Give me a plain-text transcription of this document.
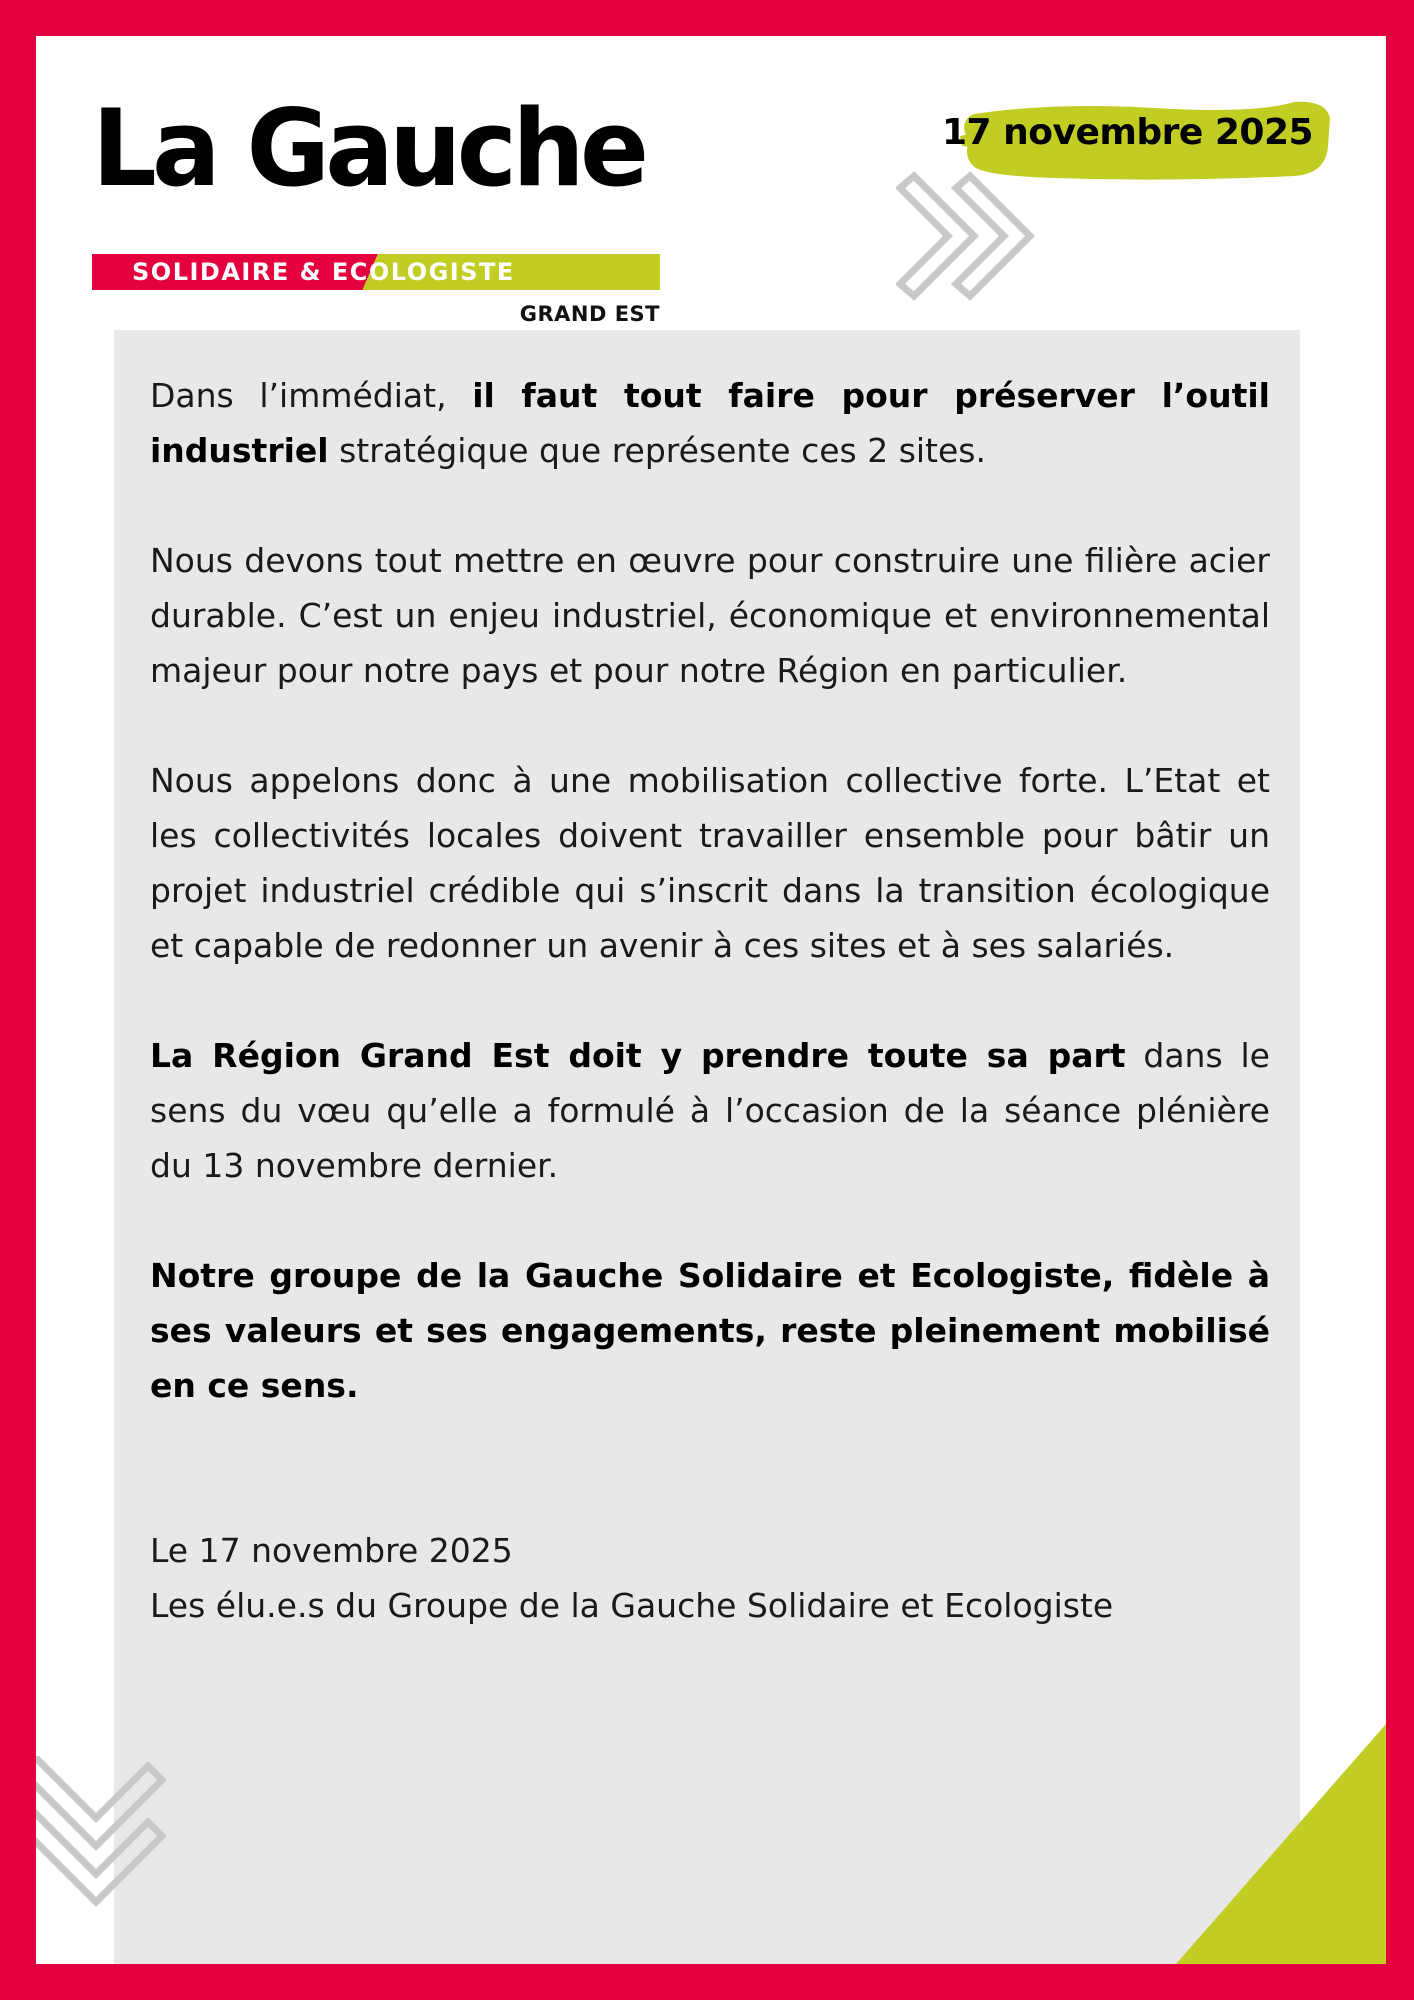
La Gauche
SOLIDAIRE & ECOLOGISTE
GRAND EST
17 novembre 2025

Dans l’immédiat, il faut tout faire pour préserver l’outil industriel stratégique que représente ces 2 sites.

Nous devons tout mettre en œuvre pour construire une filière acier durable. C’est un enjeu industriel, économique et environnemental majeur pour notre pays et pour notre Région en particulier.

Nous appelons donc à une mobilisation collective forte. L’Etat et les collectivités locales doivent travailler ensemble pour bâtir un projet industriel crédible qui s’inscrit dans la transition écologique et capable de redonner un avenir à ces sites et à ses salariés.

La Région Grand Est doit y prendre toute sa part dans le sens du vœu qu’elle a formulé à l’occasion de la séance plénière du 13 novembre dernier.

Notre groupe de la Gauche Solidaire et Ecologiste, fidèle à ses valeurs et ses engagements, reste pleinement mobilisé en ce sens.

Le 17 novembre 2025

Les élu.e.s du Groupe de la Gauche Solidaire et Ecologiste
